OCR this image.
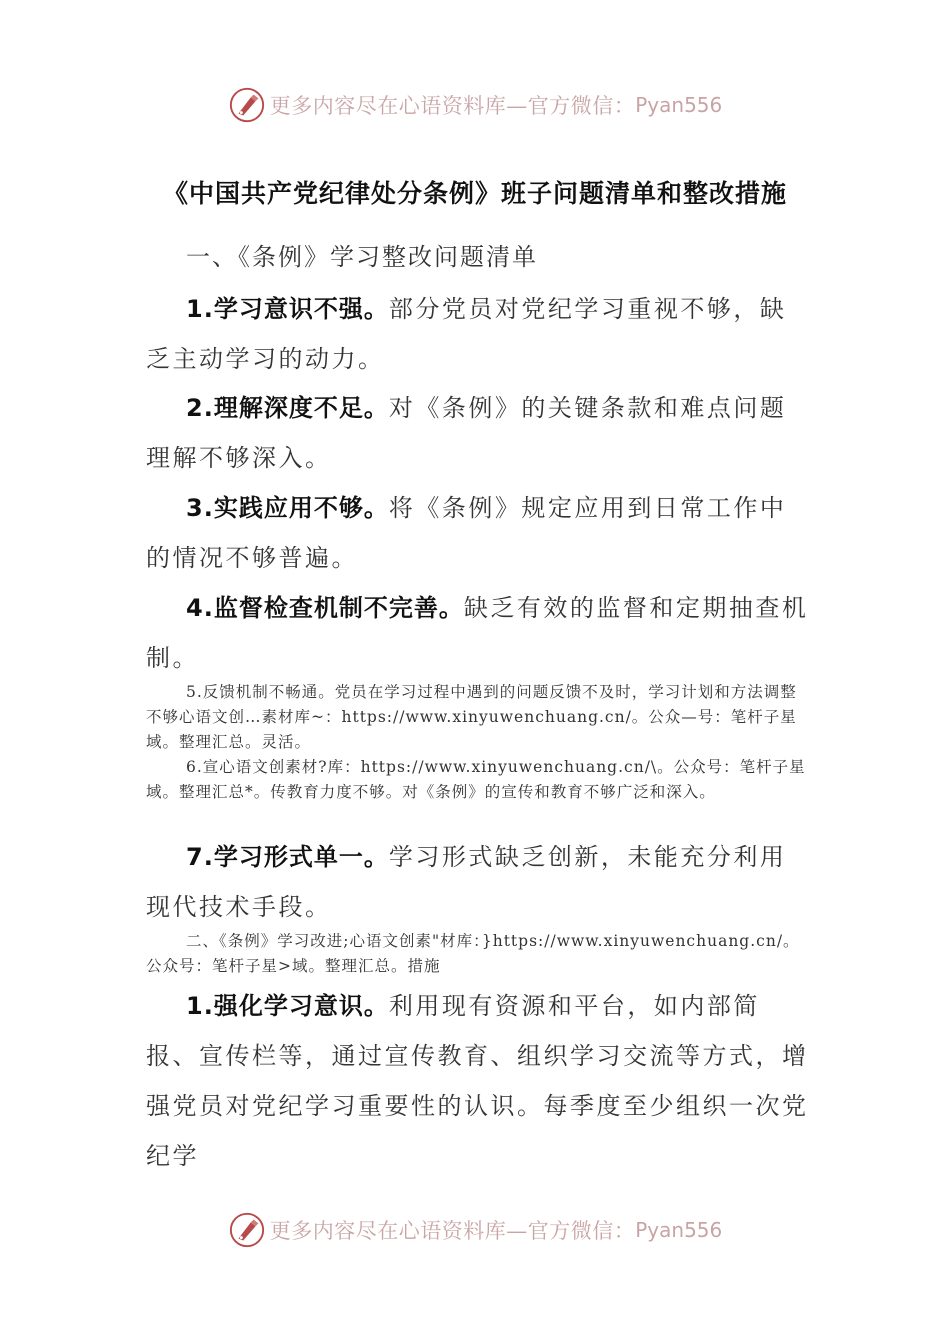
更多内容尽在心语资料库—官方微信： Pyan556
《中国共产党纪律处分条例》班子问题清单和整改措施
一、《条例》学习整改问题清单
1.学习意识不强。部分党员对党纪学习重视不够，缺乏主动学习的动力。
2.理解深度不足。对《条例》的关键条款和难点问题理解不够深入。
3.实践应用不够。将《条例》规定应用到日常工作中的情况不够普遍。
4.监督检查机制不完善。缺乏有效的监督和定期抽查机制。
5.反馈机制不畅通。党员在学习过程中遇到的问题反馈不及时，学习计划和方法调整不够心语文创…素材库~：https://www.xinyuwenchuang.cn/。公众—号：笔杆子星域。整理汇总。灵活。
6.宣心语文创素材?库：https://www.xinyuwenchuang.cn/\。公众号：笔杆子星域。整理汇总*。传教育力度不够。对《条例》的宣传和教育不够广泛和深入。
7.学习形式单一。学习形式缺乏创新，未能充分利用现代技术手段。
二、《条例》学习改进;心语文创素"材库：}https://www.xinyuwenchuang.cn/。公众号：笔杆子星>域。整理汇总。措施
1.强化学习意识。利用现有资源和平台，如内部简报、宣传栏等，通过宣传教育、组织学习交流等方式，增强党员对党纪学习重要性的认识。每季度至少组织一次党纪学
更多内容尽在心语资料库—官方微信： Pyan556
